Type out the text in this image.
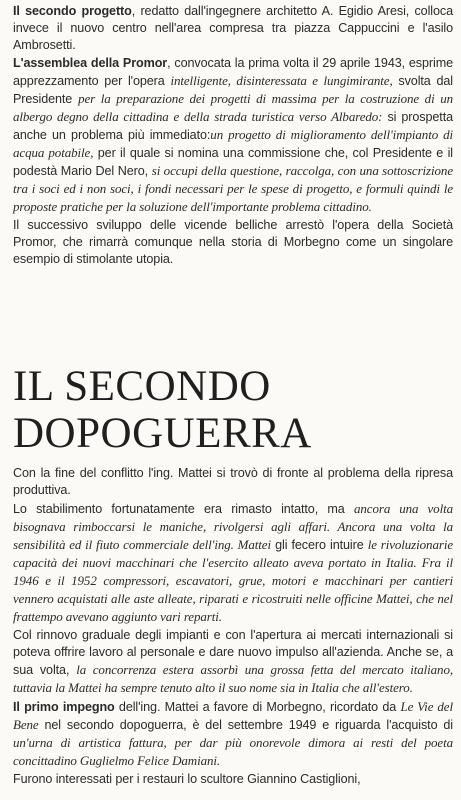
Il secondo progetto, redatto dall'ingegnere architetto A. Egidio Aresi, colloca invece il nuovo centro nell'area compresa tra piazza Cappuccini e l'asilo Ambrosetti.

L'assemblea della Promor, convocata la prima volta il 29 aprile 1943, esprime apprezzamento per l'opera intelligente, disinteressata e lungimirante, svolta dal Presidente per la preparazione dei progetti di massima per la costruzione di un albergo degno della cittadina e della strada turistica verso Albaredo: si prospetta anche un problema più immediato:un progetto di miglioramento dell'impianto di acqua potabile, per il quale si nomina una commissione che, col Presidente e il podestà Mario Del Nero, si occupi della questione, raccolga, con una sottoscrizione tra i soci ed i non soci, i fondi necessari per le spese di progetto, e formuli quindi le proposte pratiche per la soluzione dell'importante problema cittadino.

Il successivo sviluppo delle vicende belliche arrestò l'opera della Società Promor, che rimarrà comunque nella storia di Morbegno come un singolare esempio di stimolante utopia.

IL SECONDO DOPOGUERRA

Con la fine del conflitto l'ing. Mattei si trovò di fronte al problema della ripresa produttiva.

Lo stabilimento fortunatamente era rimasto intatto, ma ancora una volta bisognava rimboccarsi le maniche, rivolgersi agli affari. Ancora una volta la sensibilità ed il fiuto commerciale dell'ing. Mattei gli fecero intuire le rivoluzionarie capacità dei nuovi macchinari che l'esercito alleato aveva portato in Italia. Fra il 1946 e il 1952 compressori, escavatori, grue, motori e macchinari per cantieri vennero acquistati alle aste alleate, riparati e ricostruiti nelle officine Mattei, che nel frattempo avevano aggiunto vari reparti.

Col rinnovo graduale degli impianti e con l'apertura ai mercati internazionali si poteva offrire lavoro al personale e dare nuovo impulso all'azienda. Anche se, a sua volta, la concorrenza estera assorbì una grossa fetta del mercato italiano, tuttavia la Mattei ha sempre tenuto alto il suo nome sia in Italia che all'estero.

Il primo impegno dell'ing. Mattei a favore di Morbegno, ricordato da Le Vie del Bene nel secondo dopoguerra, è del settembre 1949 e riguarda l'acquisto di un'urna di artistica fattura, per dar più onorevole dimora ai resti del poeta concittadino Guglielmo Felice Damiani.

Furono interessati per i restauri lo scultore Giannino Castiglioni,
